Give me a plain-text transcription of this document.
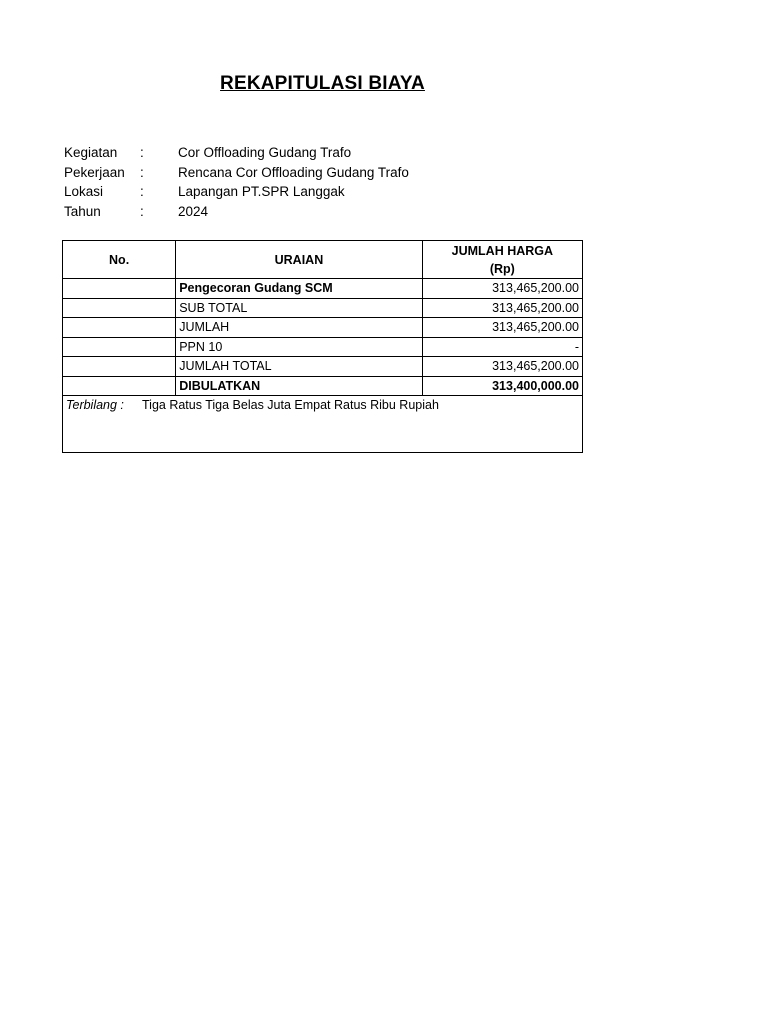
REKAPITULASI BIAYA
Kegiatan :	Cor Offloading Gudang Trafo
Pekerjaan :	Rencana Cor Offloading Gudang Trafo
Lokasi	:	Lapangan PT.SPR Langgak
Tahun	:	2024
No.	URAIAN	JUMLAH HARGA
(Rp)

	Pengecoran Gudang SCM	313,465,200.00
	SUB TOTAL	313,465,200.00
	JUMLAH	313,465,200.00
	PPN 10	-
	JUMLAH TOTAL	313,465,200.00
	DIBULATKAN	313,400,000.00
Terbilang : Tiga Ratus Tiga Belas Juta Empat Ratus Ribu Rupiah		
